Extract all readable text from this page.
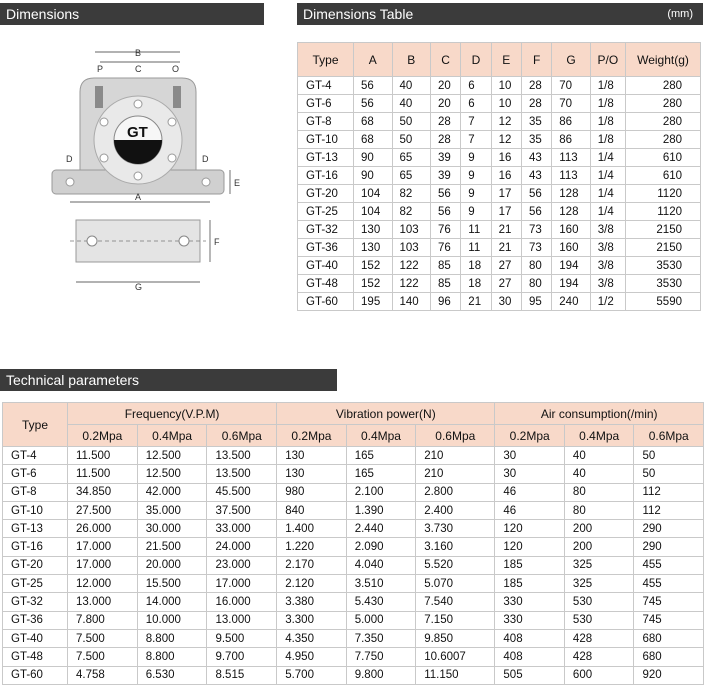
Dimensions	Dimensions Table	(mm)
Technical parameters
B
P	C	O
GT
D	D
E
A
F
G
Type	A	B	C	D	E	F	G	P/O	Weight(g)
GT-4	56	40	20	6	10	28	70	1/8	280
GT-6	56	40	20	6	10	28	70	1/8	280
GT-8	68	50	28	7	12	35	86	1/8	280
GT-10	68	50	28	7	12	35	86	1/8	280
GT-13	90	65	39	9	16	43	113	1/4	610
GT-16	90	65	39	9	16	43	113	1/4	610
GT-20	104	82	56	9	17	56	128	1/4	1120
GT-25	104	82	56	9	17	56	128	1/4	1120
GT-32	130	103	76	11	21	73	160	3/8	2150
GT-36	130	103	76	11	21	73	160	3/8	2150
GT-40	152	122	85	18	27	80	194	3/8	3530
GT-48	152	122	85	18	27	80	194	3/8	3530
GT-60	195	140	96	21	30	95	240	1/2	5590
Type	Frequency(V.P.M)			Vibration power(N)			Air consumption(/min)		
	0.2Mpa	0.4Mpa	0.6Mpa	0.2Mpa	0.4Mpa	0.6Mpa	0.2Mpa	0.4Mpa	0.6Mpa
GT-4	11.500	12.500	13.500	130	165	210	30	40	50
GT-6	11.500	12.500	13.500	130	165	210	30	40	50
GT-8	34.850	42.000	45.500	980	2.100	2.800	46	80	112
GT-10	27.500	35.000	37.500	840	1.390	2.400	46	80	112
GT-13	26.000	30.000	33.000	1.400	2.440	3.730	120	200	290
GT-16	17.000	21.500	24.000	1.220	2.090	3.160	120	200	290
GT-20	17.000	20.000	23.000	2.170	4.040	5.520	185	325	455
GT-25	12.000	15.500	17.000	2.120	3.510	5.070	185	325	455
GT-32	13.000	14.000	16.000	3.380	5.430	7.540	330	530	745
GT-36	7.800	10.000	13.000	3.300	5.000	7.150	330	530	745
GT-40	7.500	8.800	9.500	4.350	7.350	9.850	408	428	680
GT-48	7.500	8.800	9.700	4.950	7.750	10.6007	408	428	680
GT-60	4.758	6.530	8.515	5.700	9.800	11.150	505	600	920
